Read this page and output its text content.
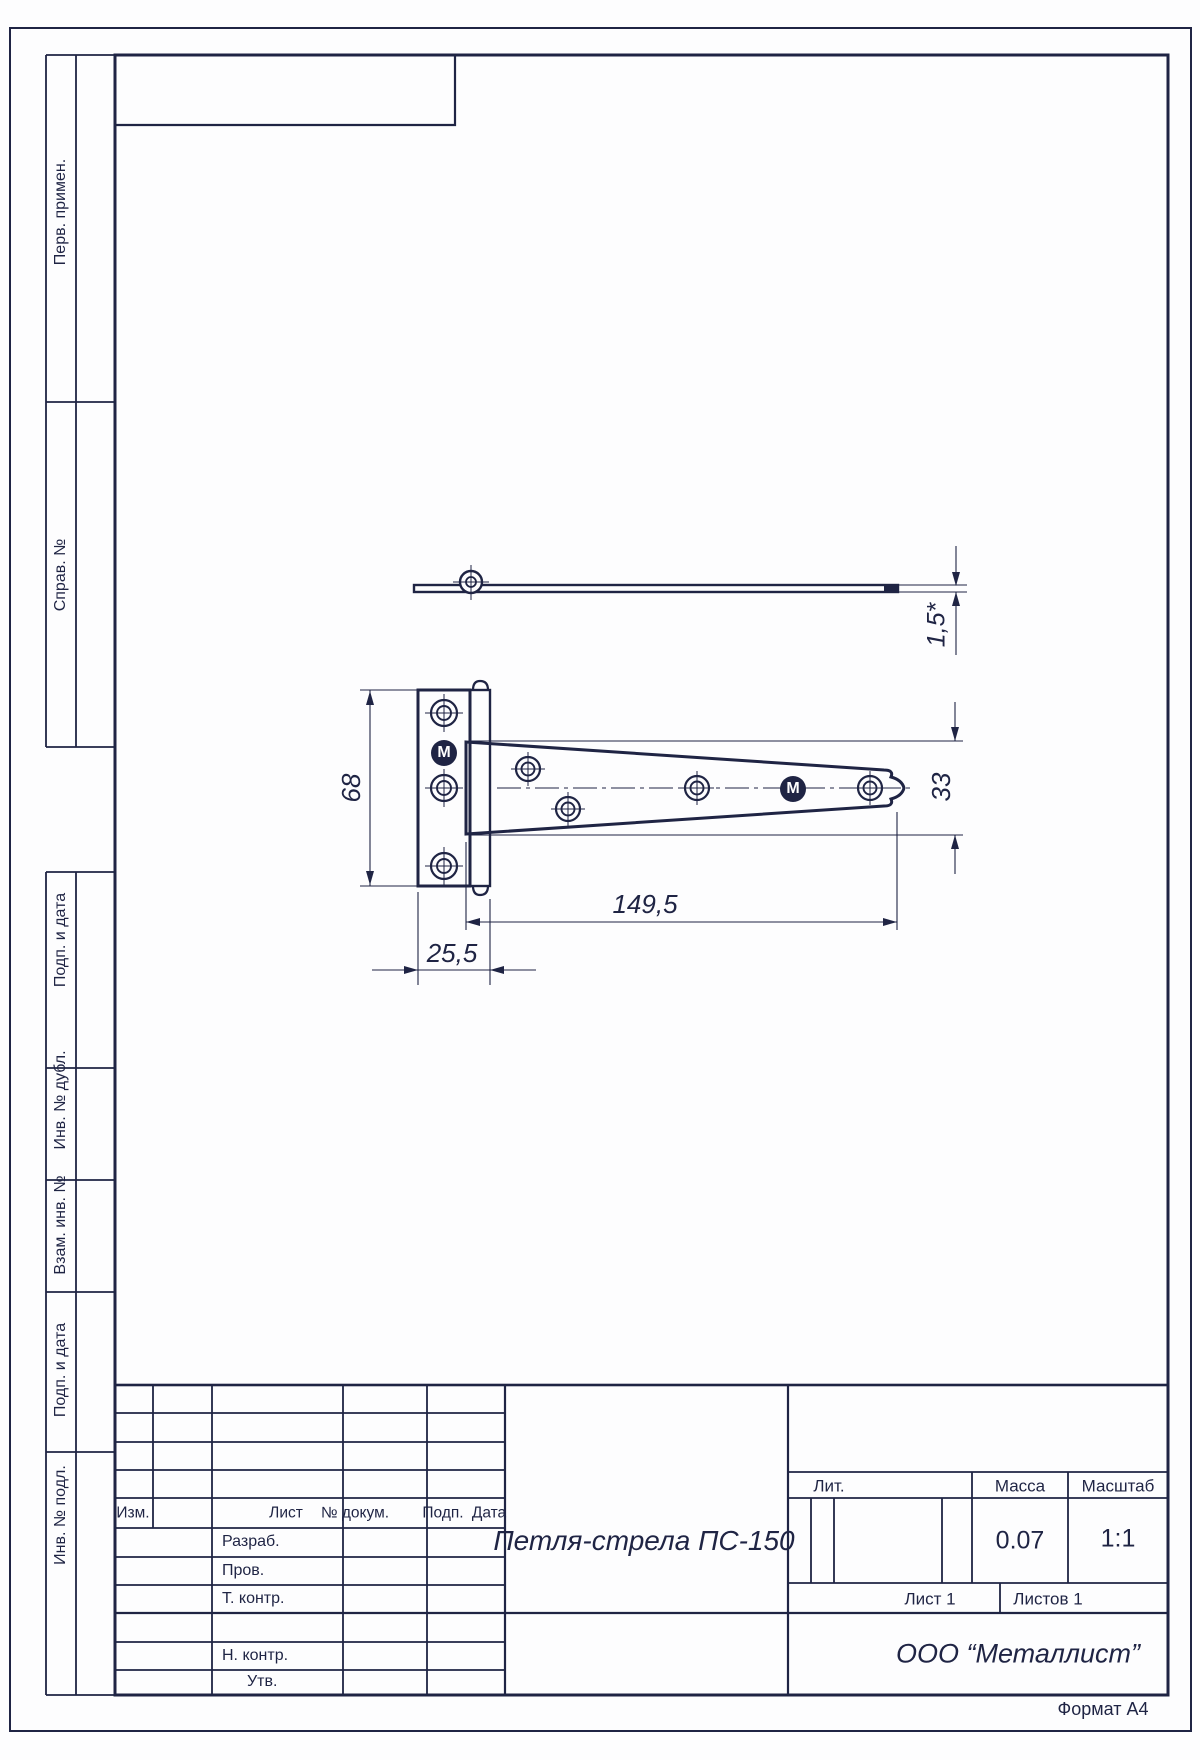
Перв. примен.
Справ. №
Подп. и дата
Инв. № дубл.
Взам. инв. №
Подп. и дата
Инв. № подл.
1,5*
68	33
149,5
25,5
М
М
Изм.	Лист № докум. Подп. Дата
Разраб.
Пров.
Т. контр.
Н. контр.
Утв.
Петля-стрела ПС-150
Лит.	Масса Масштаб
0.07 1:1
Лист 1	Листов 1
ООО “Металлист”
Формат А4
